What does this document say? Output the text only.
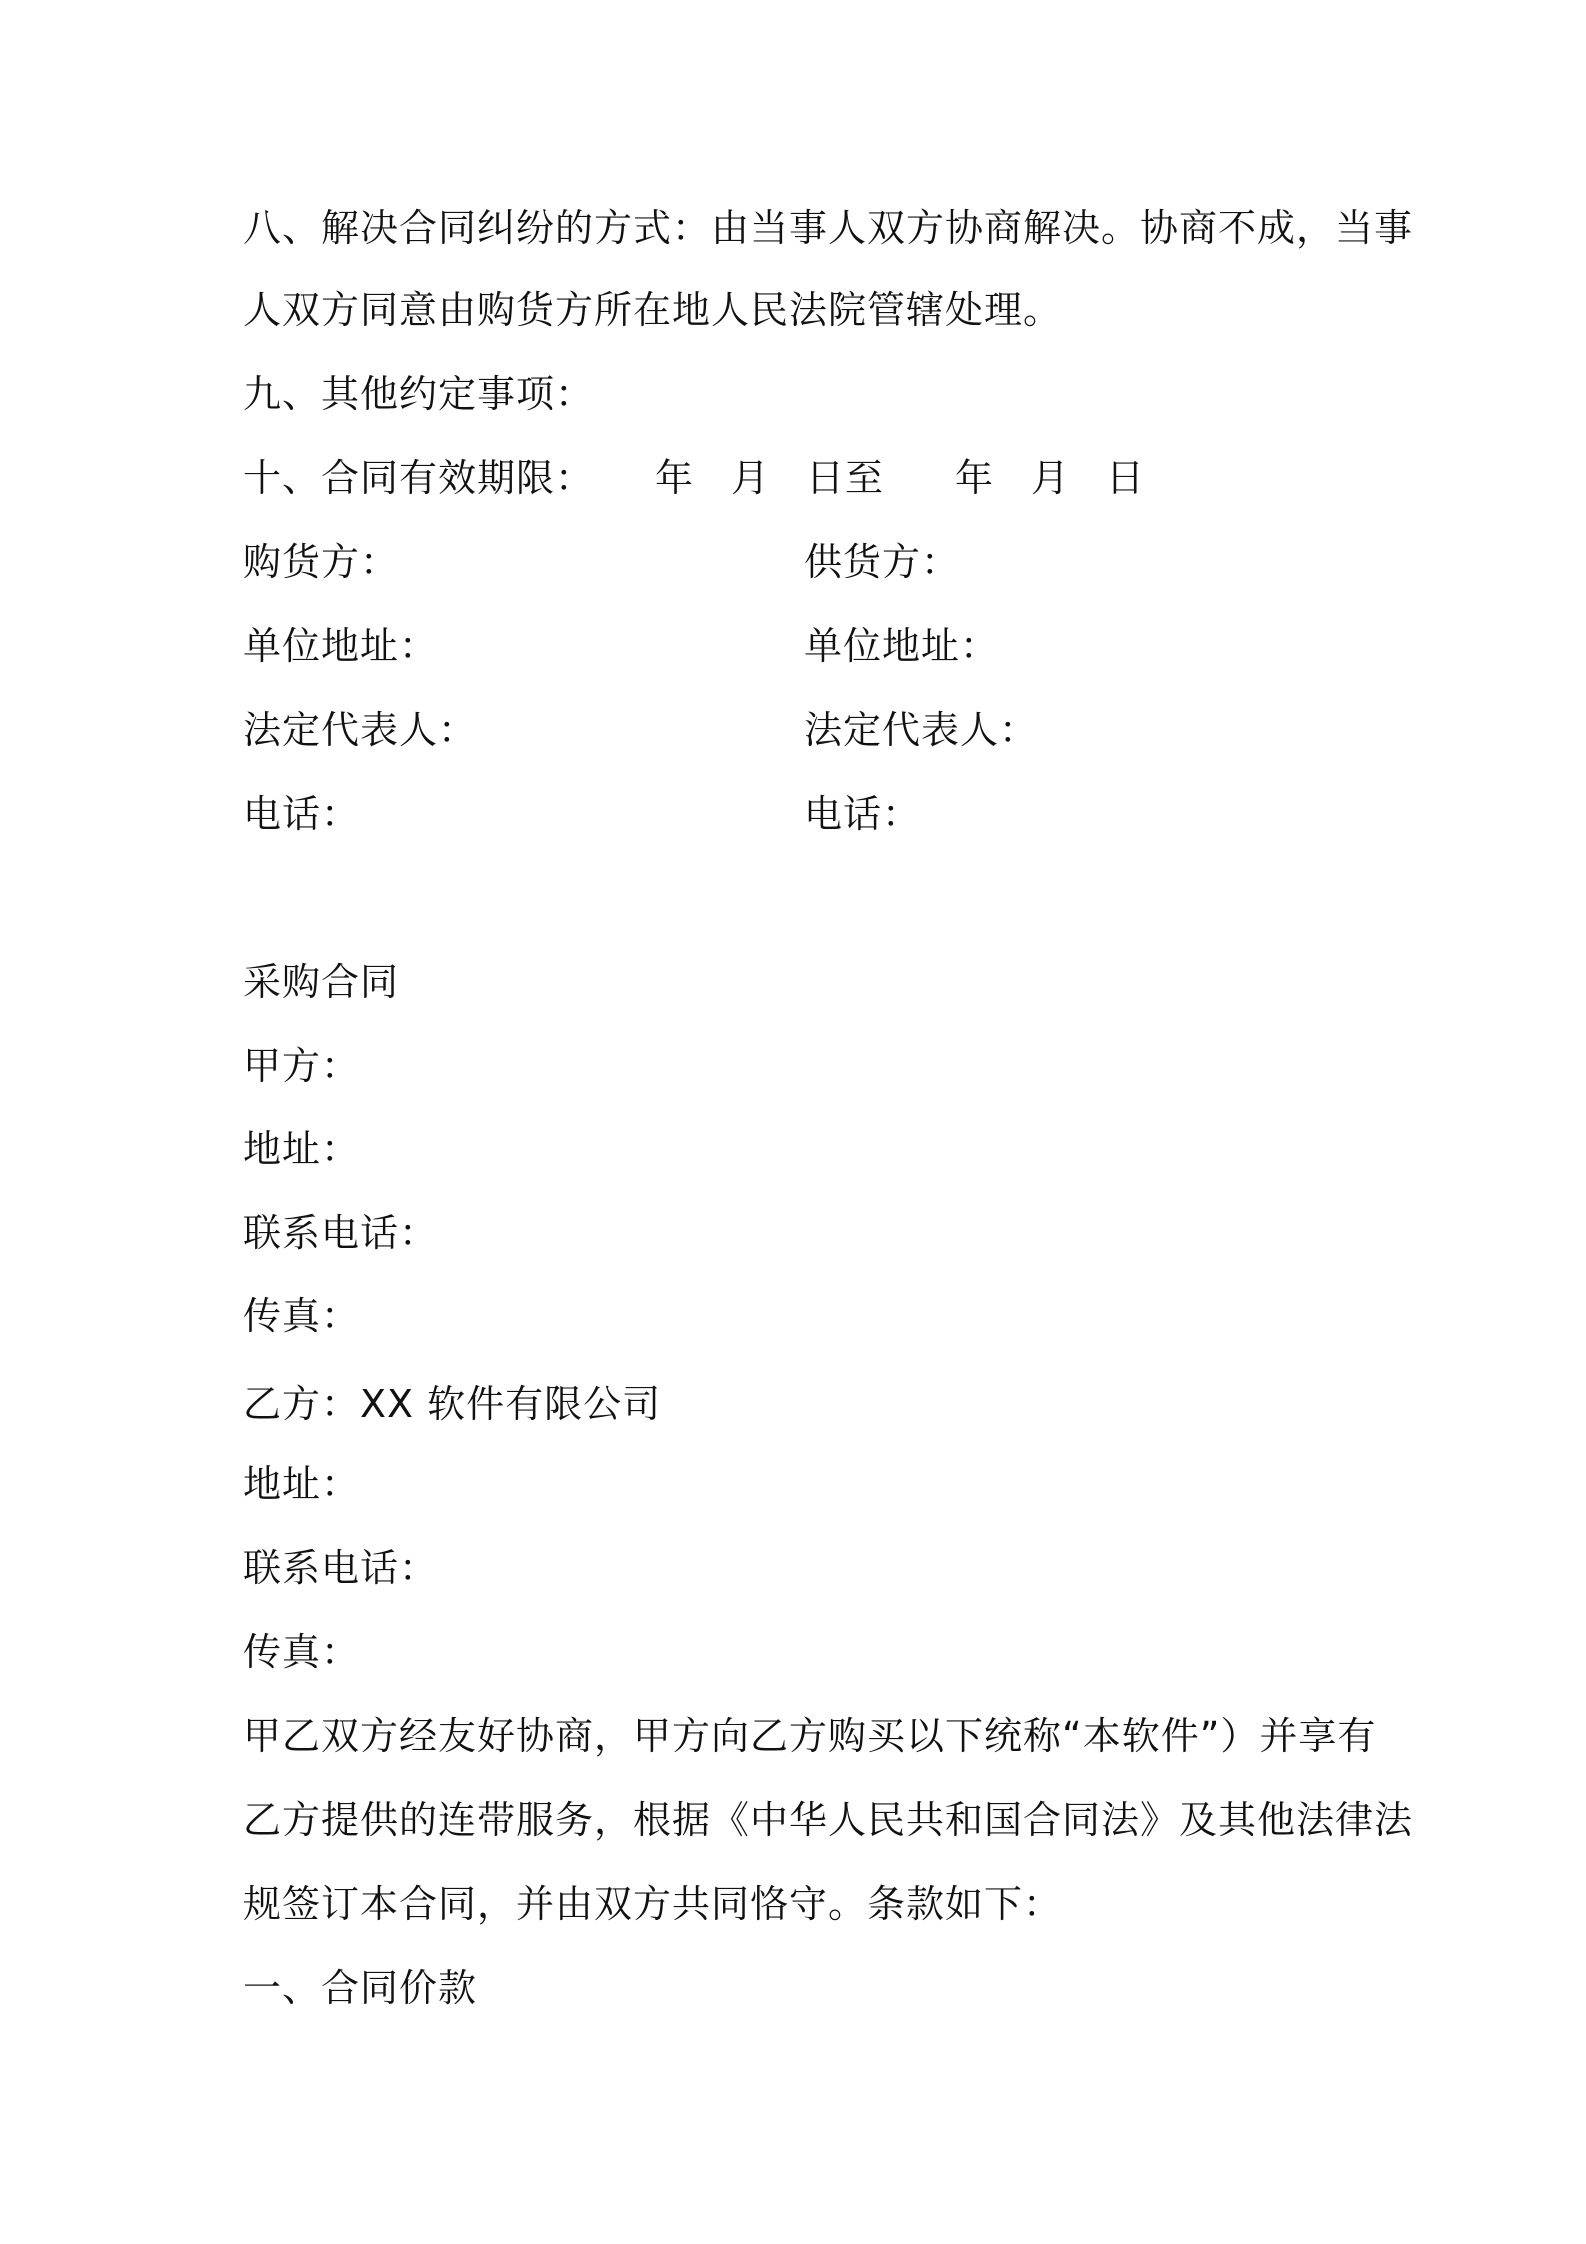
八、解决合同纠纷的方式：由当事人双方协商解决。协商不成，当事
人双方同意由购货方所在地人民法院管辖处理。
九、其他约定事项：
十、合同有效期限： 年 月 日至 年 月 日
购货方：	供货方：
单位地址：	单位地址：
法定代表人：	法定代表人：
电话：	电话：
采购合同
甲方：
地址：
联系电话：
传真：
乙方：XX 软件有限公司
地址：
联系电话：
传真：
甲乙双方经友好协商，甲方向乙方购买以下统称“本软件”）并享有
乙方提供的连带服务，根据《中华人民共和国合同法》及其他法律法
规签订本合同，并由双方共同恪守。条款如下：
一、合同价款
